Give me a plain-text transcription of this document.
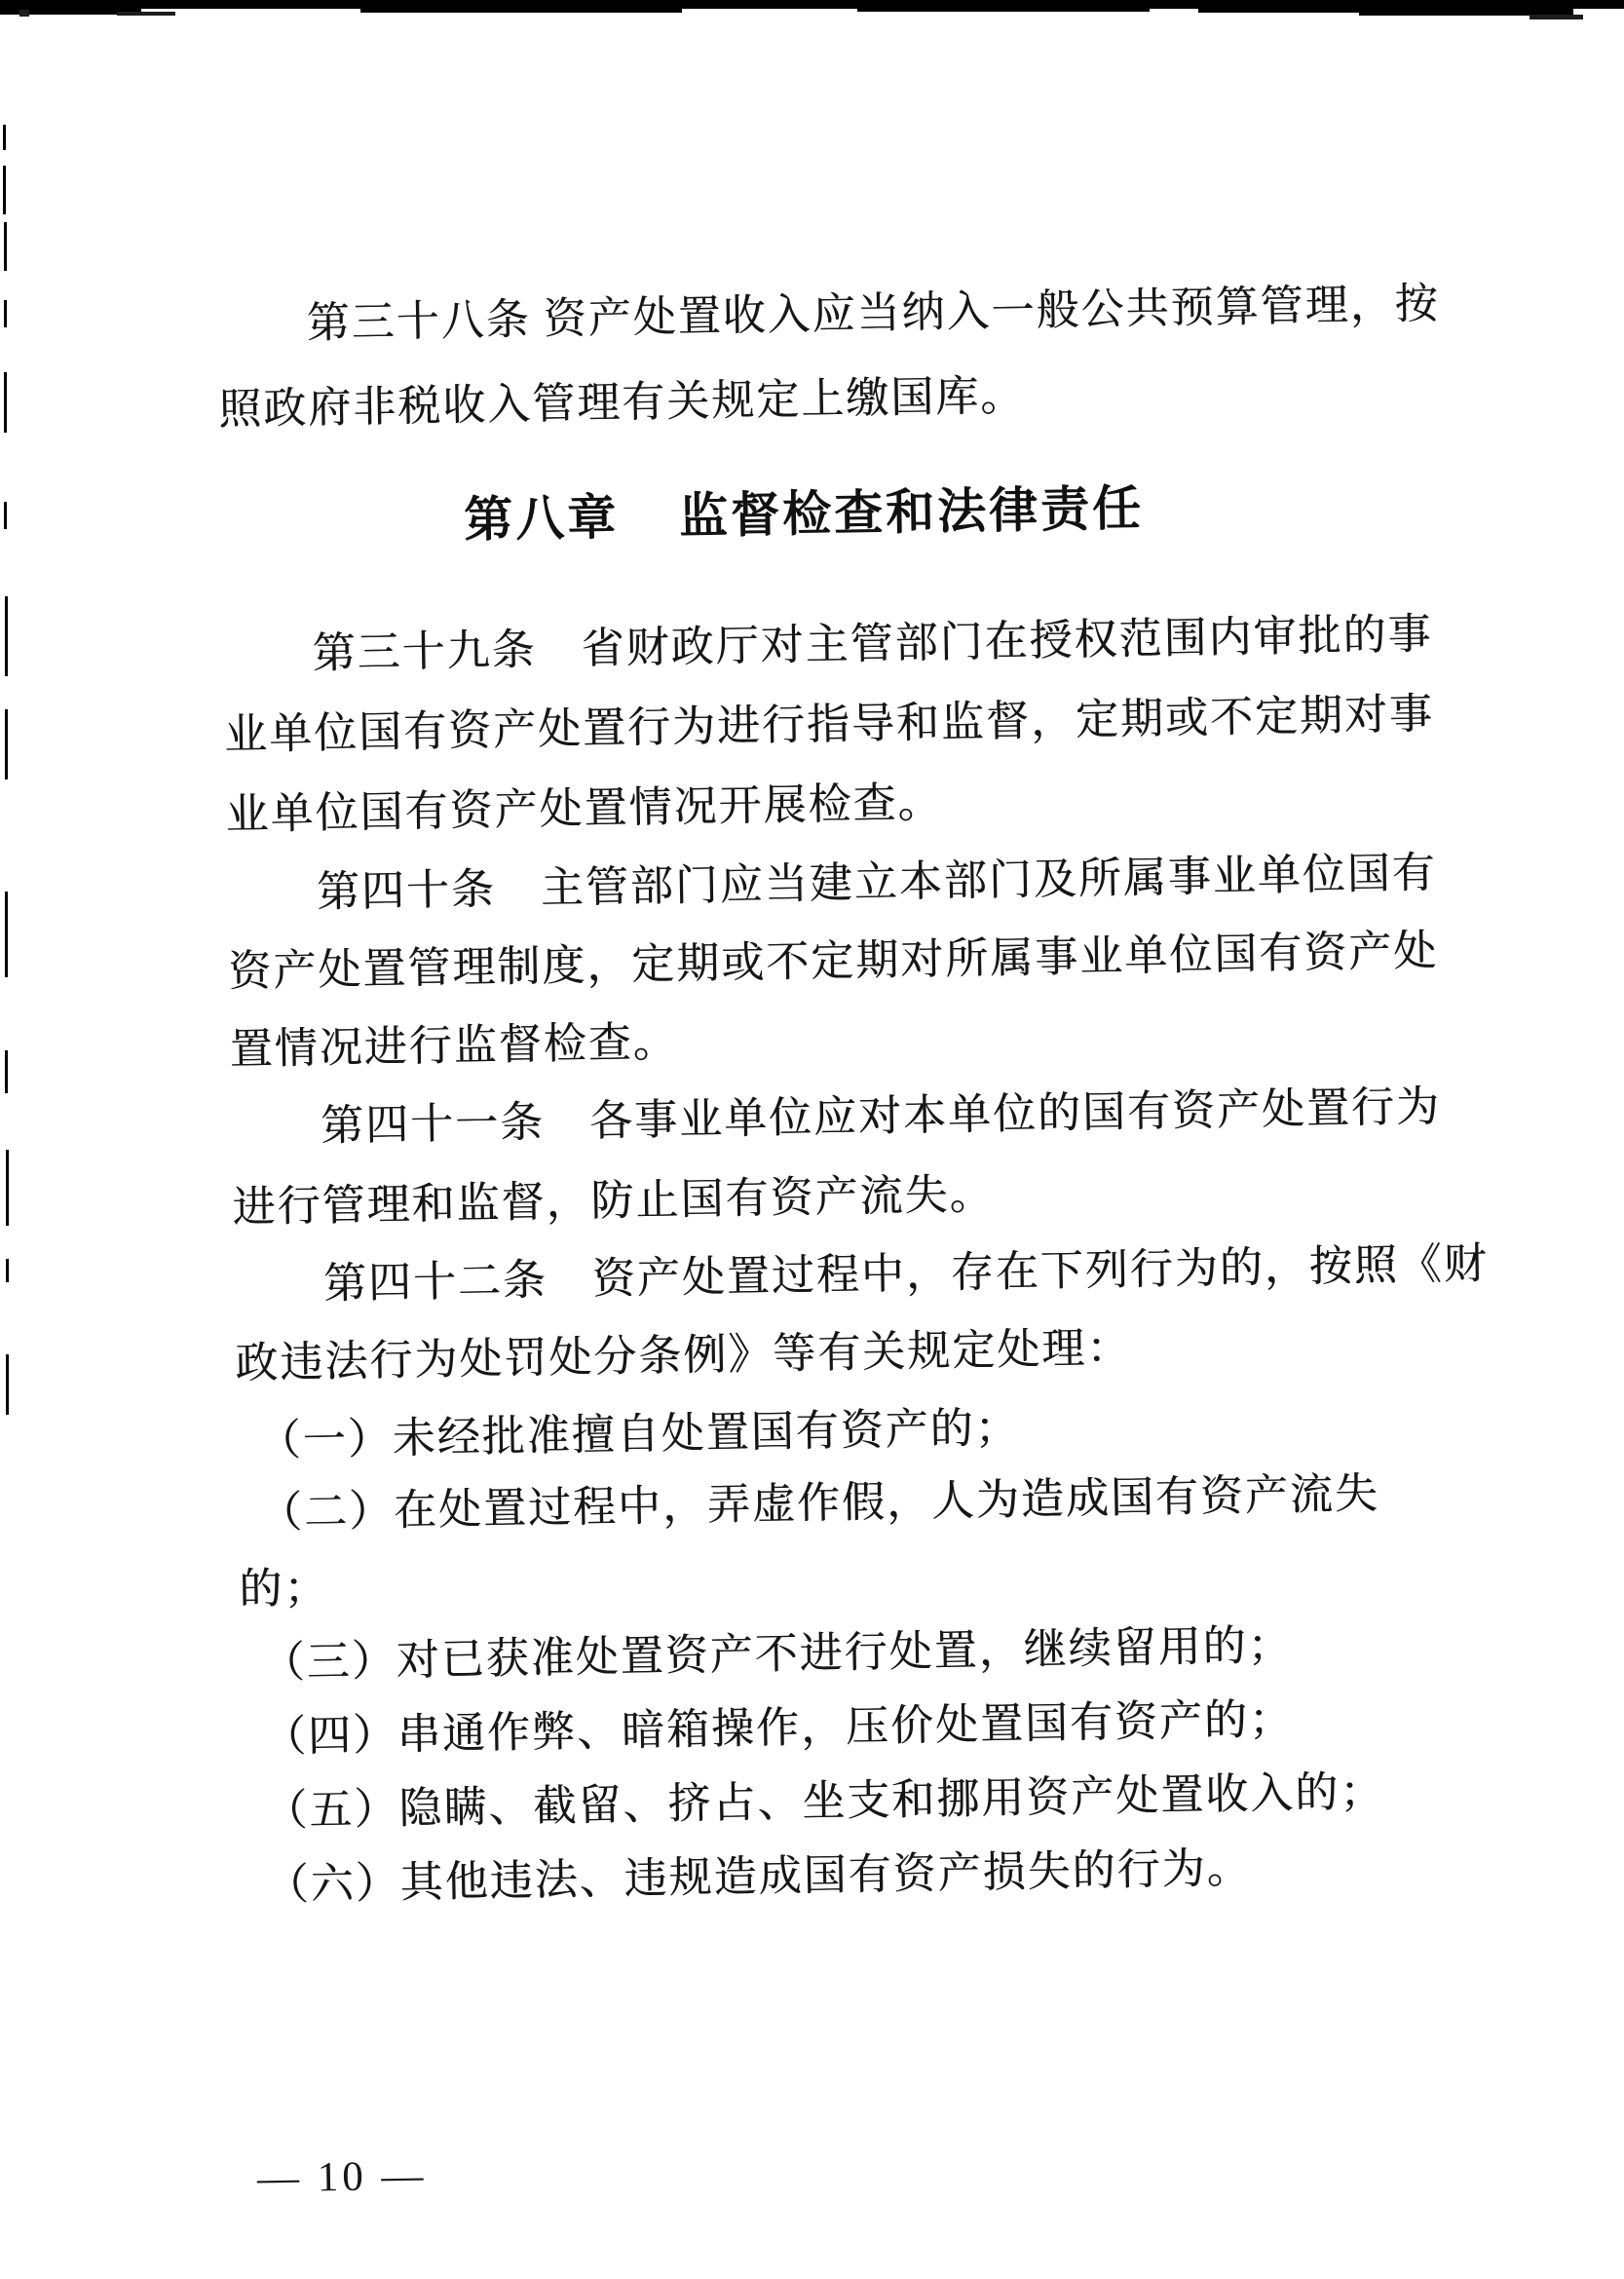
第三十八条 资产处置收入应当纳入一般公共预算管理，按
照政府非税收入管理有关规定上缴国库。
第八章 监督检查和法律责任
第三十九条　省财政厅对主管部门在授权范围内审批的事
业单位国有资产处置行为进行指导和监督，定期或不定期对事
业单位国有资产处置情况开展检查。
第四十条　主管部门应当建立本部门及所属事业单位国有
资产处置管理制度，定期或不定期对所属事业单位国有资产处
置情况进行监督检查。
第四十一条　各事业单位应对本单位的国有资产处置行为
进行管理和监督，防止国有资产流失。
第四十二条　资产处置过程中，存在下列行为的，按照《财
政违法行为处罚处分条例》等有关规定处理：
（一）未经批准擅自处置国有资产的；
（二）在处置过程中，弄虚作假，人为造成国有资产流失
的；
（三）对已获准处置资产不进行处置，继续留用的；
（四）串通作弊、暗箱操作，压价处置国有资产的；
（五）隐瞒、截留、挤占、坐支和挪用资产处置收入的；
（六）其他违法、违规造成国有资产损失的行为。
— 10 —
